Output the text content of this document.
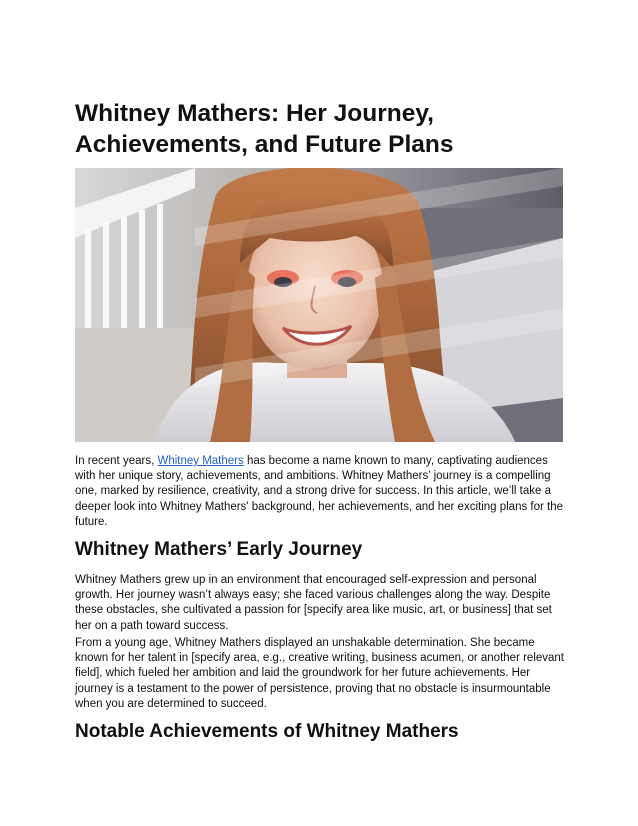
Whitney Mathers: Her Journey, Achievements, and Future Plans

In recent years, Whitney Mathers has become a name known to many, captivating audiences with her unique story, achievements, and ambitions. Whitney Mathers’ journey is a compelling one, marked by resilience, creativity, and a strong drive for success. In this article, we’ll take a deeper look into Whitney Mathers' background, her achievements, and her exciting plans for the future.

Whitney Mathers’ Early Journey

Whitney Mathers grew up in an environment that encouraged self-expression and personal growth. Her journey wasn’t always easy; she faced various challenges along the way. Despite these obstacles, she cultivated a passion for [specify area like music, art, or business] that set her on a path toward success.

From a young age, Whitney Mathers displayed an unshakable determination. She became known for her talent in [specify area, e.g., creative writing, business acumen, or another relevant field], which fueled her ambition and laid the groundwork for her future achievements. Her journey is a testament to the power of persistence, proving that no obstacle is insurmountable when you are determined to succeed.

Notable Achievements of Whitney Mathers
